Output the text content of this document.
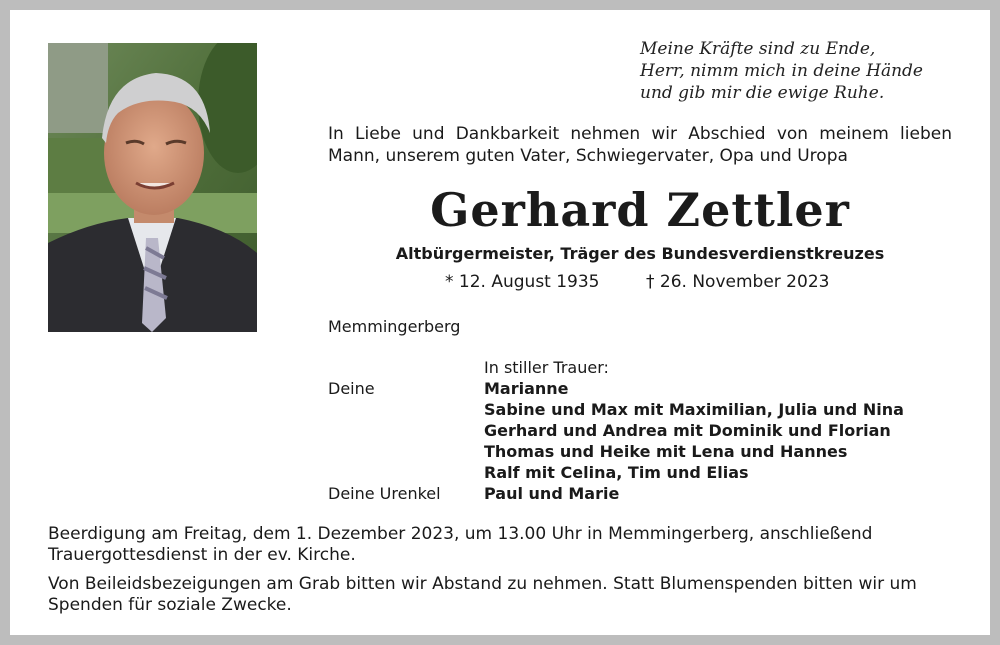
Meine Kräfte sind zu Ende,
Herr, nimm mich in deine Hände
und gib mir die ewige Ruhe.
In Liebe und Dankbarkeit nehmen wir Abschied von meinem lieben Mann, unserem guten Vater, Schwiegervater, Opa und Uropa
Gerhard Zettler
Altbürgermeister, Träger des Bundesverdienstkreuzes
* 12. August 1935	† 26. November 2023
Memmingerberg
In stiller Trauer:
Deine	Marianne
Sabine und Max mit Maximilian, Julia und Nina
Gerhard und Andrea mit Dominik und Florian
Thomas und Heike mit Lena und Hannes
Ralf mit Celina, Tim und Elias
Deine Urenkel	Paul und Marie

Beerdigung am Freitag, dem 1. Dezember 2023, um 13.00 Uhr in Memmingerberg, anschließend Trauergottesdienst in der ev. Kirche.

Von Beileidsbezeigungen am Grab bitten wir Abstand zu nehmen. Statt Blumenspenden bitten wir um Spenden für soziale Zwecke.
